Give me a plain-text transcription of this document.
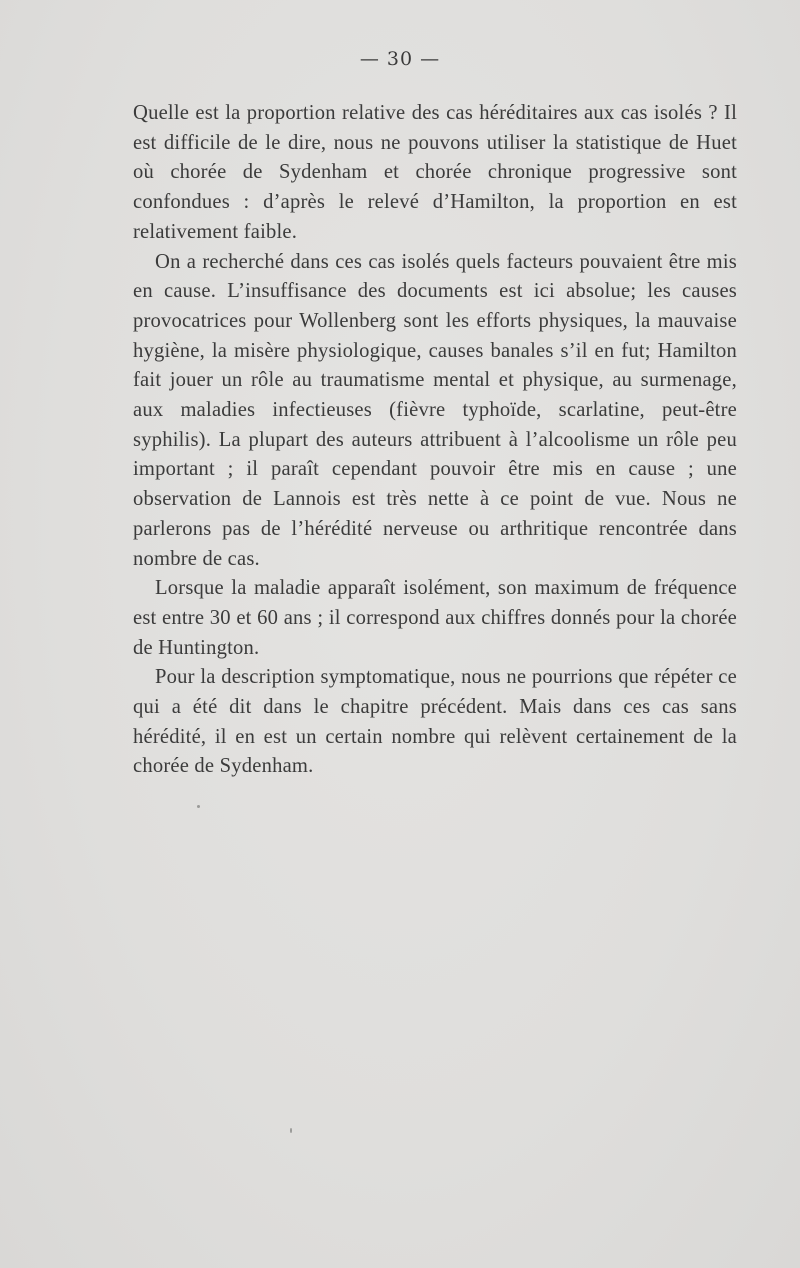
— 30 —

Quelle est la proportion relative des cas héréditaires aux cas isolés ? Il est difficile de le dire, nous ne pouvons utiliser la statistique de Huet où chorée de Sydenham et chorée chronique progressive sont confondues : d’après le relevé d’Hamilton, la proportion en est relativement faible.

On a recherché dans ces cas isolés quels facteurs pouvaient être mis en cause. L’insuffisance des documents est ici absolue; les causes provocatrices pour Wollenberg sont les efforts physiques, la mauvaise hygiène, la misère physiologique, causes banales s’il en fut; Hamilton fait jouer un rôle au traumatisme mental et physique, au surmenage, aux maladies infectieuses (fièvre typhoïde, scarlatine, peut-être syphilis). La plupart des auteurs attribuent à l’alcoolisme un rôle peu important ; il paraît cependant pouvoir être mis en cause ; une observation de Lannois est très nette à ce point de vue. Nous ne parlerons pas de l’hérédité nerveuse ou arthritique rencontrée dans nombre de cas.

Lorsque la maladie apparaît isolément, son maximum de fréquence est entre 30 et 60 ans ; il correspond aux chiffres donnés pour la chorée de Huntington.

Pour la description symptomatique, nous ne pourrions que répéter ce qui a été dit dans le chapitre précédent. Mais dans ces cas sans hérédité, il en est un certain nombre qui relèvent certainement de la chorée de Sydenham.
